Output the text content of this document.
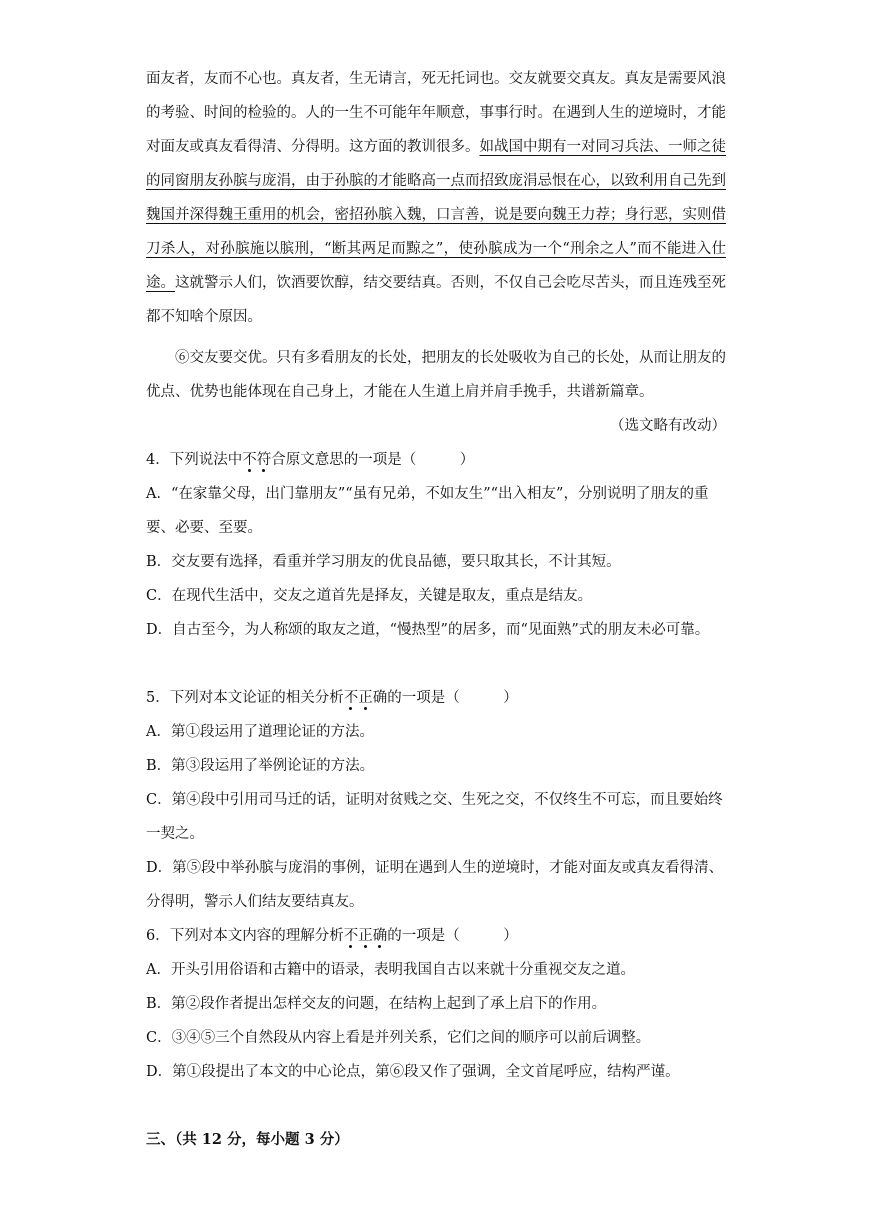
面友者，友而不心也。真友者，生无请言，死无托词也。交友就要交真友。真友是需要风浪的考验、时间的检验的。人的一生不可能年年顺意，事事行时。在遇到人生的逆境时，才能对面友或真友看得清、分得明。这方面的教训很多。如战国中期有一对同习兵法、一师之徒的同窗朋友孙膑与庞涓，由于孙膑的才能略高一点而招致庞涓忌恨在心，以致利用自己先到魏国并深得魏王重用的机会，密招孙膑入魏，口言善，说是要向魏王力荐；身行恶，实则借刀杀人，对孙膑施以膑刑，“断其两足而黥之”，使孙膑成为一个“刑余之人”而不能进入仕途。这就警示人们，饮酒要饮醇，结交要结真。否则，不仅自己会吃尽苦头，而且连残至死都不知啥个原因。

⑥交友要交优。只有多看朋友的长处，把朋友的长处吸收为自己的长处，从而让朋友的优点、优势也能体现在自己身上，才能在人生道上肩并肩手挽手，共谱新篇章。

（选文略有改动）

4．下列说法中不符合原文意思的一项是（　　　）

A．“在家靠父母，出门靠朋友”“虽有兄弟，不如友生”“出入相友”，分别说明了朋友的重要、必要、至要。

B．交友要有选择，看重并学习朋友的优良品德，要只取其长，不计其短。

C．在现代生活中，交友之道首先是择友，关键是取友，重点是结友。

D．自古至今，为人称颂的取友之道，“慢热型”的居多，而“见面熟”式的朋友未必可靠。

5．下列对本文论证的相关分析不正确的一项是（　　　）

A．第①段运用了道理论证的方法。

B．第③段运用了举例论证的方法。

C．第④段中引用司马迁的话，证明对贫贱之交、生死之交，不仅终生不可忘，而且要始终一契之。

D．第⑤段中举孙膑与庞涓的事例，证明在遇到人生的逆境时，才能对面友或真友看得清、分得明，警示人们结友要结真友。

6．下列对本文内容的理解分析不正确的一项是（　　　）

A．开头引用俗语和古籍中的语录，表明我国自古以来就十分重视交友之道。

B．第②段作者提出怎样交友的问题，在结构上起到了承上启下的作用。

C．③④⑤三个自然段从内容上看是并列关系，它们之间的顺序可以前后调整。

D．第①段提出了本文的中心论点，第⑥段又作了强调，全文首尾呼应，结构严谨。

三、（共 12 分，每小题 3 分）
